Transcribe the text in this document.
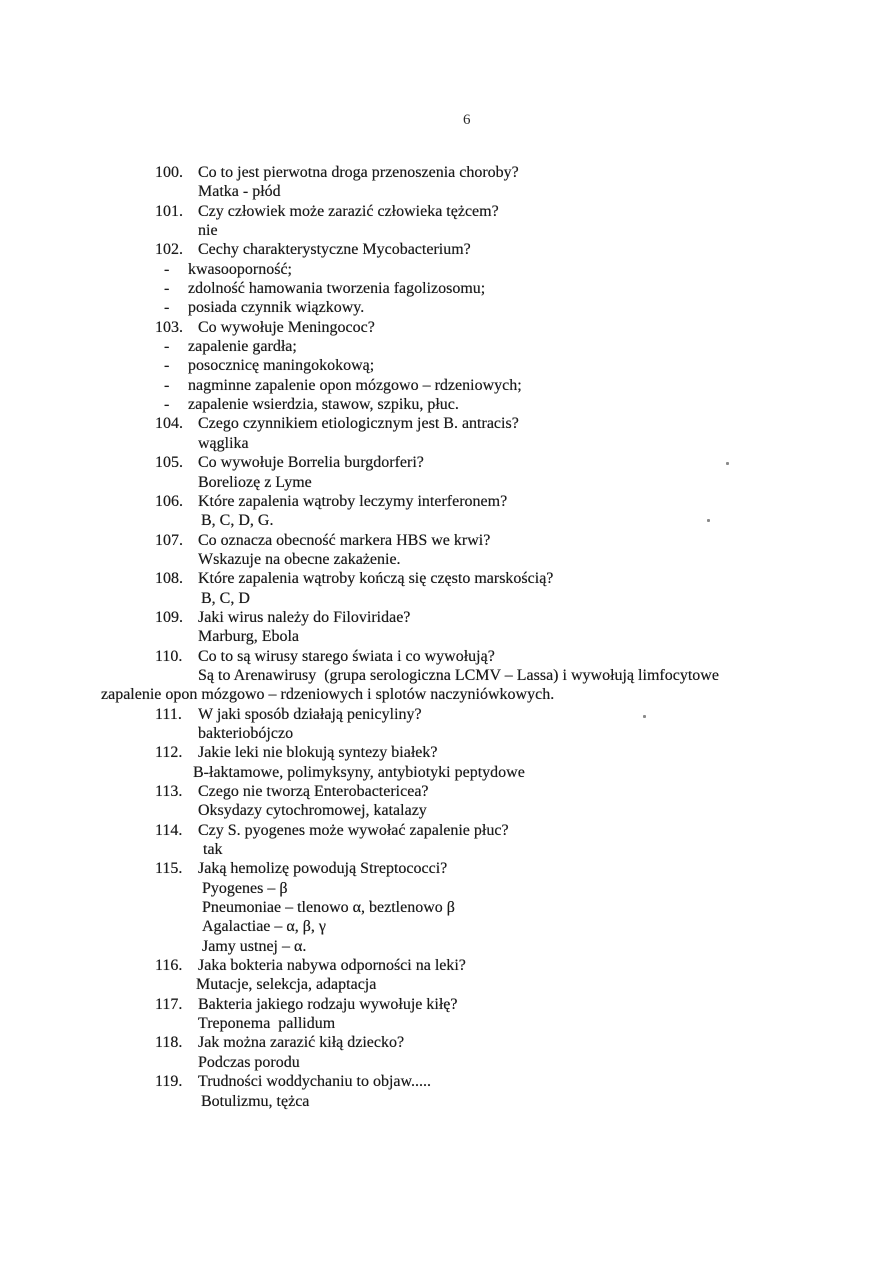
6
100. Co to jest pierwotna droga przenoszenia choroby?
Matka - płód
101. Czy człowiek może zarazić człowieka tężcem?
nie
102. Cechy charakterystyczne Mycobacterium?
- kwasooporność;
- zdolność hamowania tworzenia fagolizosomu;
- posiada czynnik wiązkowy.
103. Co wywołuje Meningococ?
- zapalenie gardła;
- posocznicę maningokokową;
- nagminne zapalenie opon mózgowo – rdzeniowych;
- zapalenie wsierdzia, stawow, szpiku, płuc.
104. Czego czynnikiem etiologicznym jest B. antracis?
wąglika
105. Co wywołuje Borrelia burgdorferi?
Boreliozę z Lyme
106. Które zapalenia wątroby leczymy interferonem?
B, C, D, G.
107. Co oznacza obecność markera HBS we krwi?
Wskazuje na obecne zakażenie.
108. Które zapalenia wątroby kończą się często marskością?
B, C, D
109. Jaki wirus należy do Filoviridae?
Marburg, Ebola
110. Co to są wirusy starego świata i co wywołują?
Są to Arenawirusy  (grupa serologiczna LCMV – Lassa) i wywołują limfocytowe
zapalenie opon mózgowo – rdzeniowych i splotów naczyniówkowych.
111. W jaki sposób działają penicyliny?
bakteriobójczo
112. Jakie leki nie blokują syntezy białek?
B-łaktamowe, polimyksyny, antybiotyki peptydowe
113. Czego nie tworzą Enterobactericea?
Oksydazy cytochromowej, katalazy
114. Czy S. pyogenes może wywołać zapalenie płuc?
tak
115. Jaką hemolizę powodują Streptococci?
Pyogenes – β
Pneumoniae – tlenowo α, beztlenowo β
Agalactiae – α, β, γ
Jamy ustnej – α.
116. Jaka bokteria nabywa odporności na leki?
Mutacje, selekcja, adaptacja
117. Bakteria jakiego rodzaju wywołuje kiłę?
Treponema  pallidum
118. Jak można zarazić kiłą dziecko?
Podczas porodu
119. Trudności woddychaniu to objaw.....
Botulizmu, tężca
